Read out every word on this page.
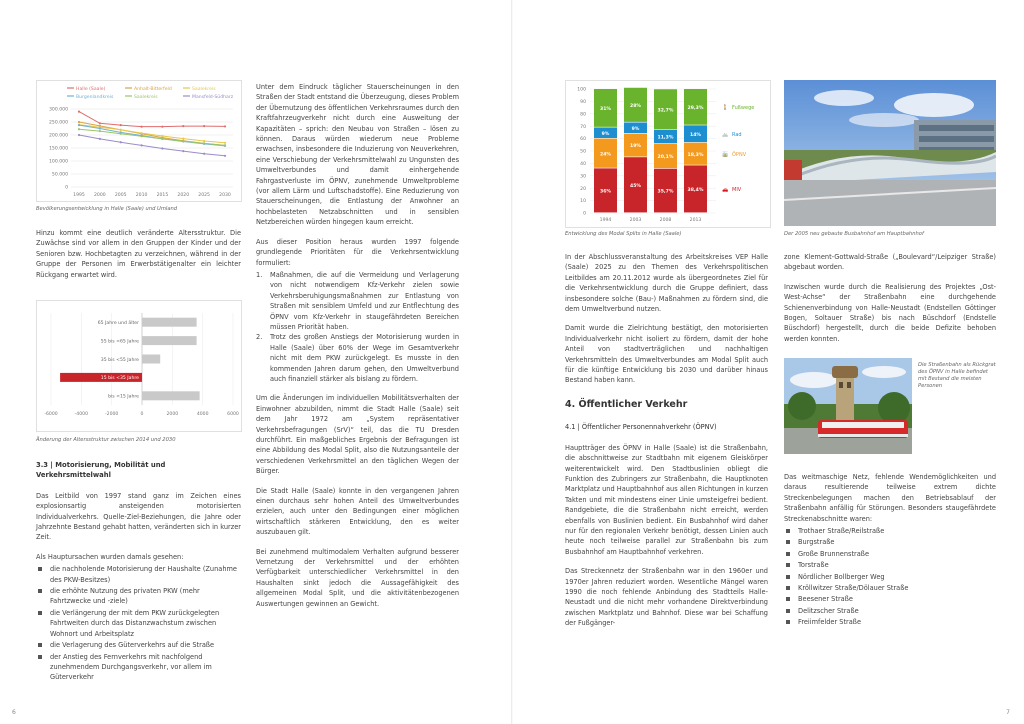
Halle (Saale)	Anhalt-Bitterfeld	Saalekreis
Burgenlandkreis	Saalekreis	Mansfeld-Südharz
300.000
250.000
200.000
150.000
100.000
50.000
0
1995 2000 2005 2010 2015 2020 2025 2030
Bevölkerungsentwicklung in Halle (Saale) und Umland

Hinzu kommt eine deutlich veränderte Altersstruktur. Die Zuwächse sind vor allem in den Gruppen der Kinder und der Senioren bzw. Hochbetagten zu verzeichnen, während in der Gruppe der Personen im Erwerbstätigenalter ein leichter Rückgang erwartet wird.

-6000	-4000	-2000	0	2000	4000	6000
65 Jahre und älter
55 bis <65 Jahre
35 bis <55 Jahre
15 bis <35 Jahre
bis <15 Jahre
Änderung der Altersstruktur zwischen 2014 und 2030
3.3 | Motorisierung, Mobilität und Verkehrsmittelwahl

Das Leitbild von 1997 stand ganz im Zeichen eines explosionsartig ansteigenden motorisierten Individualverkehrs. Quelle-Ziel-Beziehungen, die Jahre oder Jahrzehnte Bestand gehabt hatten, veränderten sich in kurzer Zeit.

Als Hauptursachen wurden damals gesehen:

die nachholende Motorisierung der Haushalte (Zunahme des PKW-Besitzes)
die erhöhte Nutzung des privaten PKW (mehr Fahrtzwecke und -ziele)
die Verlängerung der mit dem PKW zurückgelegten Fahrtweiten durch das Distanzwachstum zwischen Wohnort und Arbeitsplatz
die Verlagerung des Güterverkehrs auf die Straße
der Anstieg des Fernverkehrs mit nachfolgend zunehmendem Durchgangsverkehr, vor allem im Güterverkehr

Unter dem Eindruck täglicher Stauerscheinungen in den Straßen der Stadt entstand die Überzeugung, dieses Problem der Übernutzung des öffentlichen Verkehrsraumes durch den Kraftfahrzeugverkehr nicht durch eine Ausweitung der Kapazitäten – sprich: den Neubau von Straßen – lösen zu können. Daraus würden wiederum neue Probleme erwachsen, insbesondere die Induzierung von Neuverkehren, eine Verschiebung der Verkehrsmittelwahl zu Ungunsten des Umweltverbundes und damit einhergehende Fahrgastverluste im ÖPNV, zunehmende Umweltprobleme (vor allem Lärm und Luftschadstoffe). Eine Reduzierung von Stauerscheinungen, die Entlastung der Anwohner an hochbelasteten Netzabschnitten und in sensiblen Netzbereichen würden hingegen kaum erreicht.

Aus dieser Position heraus wurden 1997 folgende grundlegende Prioritäten für die Verkehrsentwicklung formuliert:

1. Maßnahmen, die auf die Vermeidung und Verlagerung von nicht notwendigem Kfz-Verkehr zielen sowie Verkehrsberuhigungsmaßnahmen zur Entlastung von Straßen mit sensiblem Umfeld und zur Entflechtung des ÖPNV vom Kfz-Verkehr in staugefährdeten Bereichen müssen Priorität haben.
2. Trotz des großen Anstiegs der Motorisierung wurden in Halle (Saale) über 60% der Wege im Gesamtverkehr nicht mit dem PKW zurückgelegt. Es musste in den kommenden Jahren darum gehen, den Umweltverbund auch finanziell stärker als bislang zu fördern.

Um die Änderungen im individuellen Mobilitätsverhalten der Einwohner abzubilden, nimmt die Stadt Halle (Saale) seit dem Jahr 1972 am „System repräsentativer Verkehrsbefragungen (SrV)“ teil, das die TU Dresden durchführt. Ein maßgebliches Ergebnis der Befragungen ist eine Abbildung des Modal Split, also die Nutzungsanteile der verschiedenen Verkehrsmittel an den täglichen Wegen der Bürger.

Die Stadt Halle (Saale) konnte in den vergangenen Jahren einen durchaus sehr hohen Anteil des Umweltverbundes erzielen, auch unter den Bedingungen einer möglichen wirtschaftlich stärkeren Entwicklung, den es weiter auszubauen gilt.

Bei zunehmend multimodalem Verhalten aufgrund besserer Vernetzung der Verkehrsmittel und der erhöhten Verfügbarkeit unterschiedlicher Verkehrsmittel in den Haushalten sinkt jedoch die Aussagefähigkeit des allgemeinen Modal Split, und die aktivitätenbezogenen Auswertungen gewinnen an Gewicht.

6
100
90
80
70
60
50
40
30
20
10
0
36%
24%
9%
31%
1994
45%
19%
9%
28%
2003
35,7%
20,1%
11,3%
32,7%
2008
38,4%
18,3%
14%
29,3%
2013
🚗 MIV
🚋 ÖPNV
🚲 Rad
🚶 Fußwege
Entwicklung des Modal Splits in Halle (Saale)	Der 2005 neu gebaute Busbahnhof am Hauptbahnhof

In der Abschlussveranstaltung des Arbeitskreises VEP Halle (Saale) 2025 zu den Themen des Verkehrspolitischen Leitbildes am 20.11.2012 wurde als übergeordnetes Ziel für die Verkehrsentwicklung durch die Gruppe definiert, dass insbesondere solche (Bau-) Maßnahmen zu fördern sind, die dem Umweltverbund nutzen.

Damit wurde die Zielrichtung bestätigt, den motorisierten Individualverkehr nicht isoliert zu fördern, damit der hohe Anteil von stadtverträglichen und nachhaltigen Verkehrsmitteln des Umweltverbundes am Modal Split auch für die künftige Entwicklung bis 2030 und darüber hinaus Bestand haben kann.

4. Öffentlicher Verkehr
4.1 | Öffentlicher Personennahverkehr (ÖPNV)

Hauptträger des ÖPNV in Halle (Saale) ist die Straßenbahn, die abschnittweise zur Stadtbahn mit eigenem Gleiskörper weiterentwickelt wird. Den Stadtbuslinien obliegt die Funktion des Zubringers zur Straßenbahn, die Hauptknoten Marktplatz und Hauptbahnhof aus allen Richtungen in kurzen Takten und mit mindestens einer Linie umsteigefrei bedient. Randgebiete, die die Straßenbahn nicht erreicht, werden ebenfalls von Buslinien bedient. Ein Busbahnhof wird daher nur für den regionalen Verkehr benötigt, dessen Linien auch heute noch teilweise parallel zur Straßenbahn bis zum Busbahnhof am Hauptbahnhof verkehren.

Das Streckennetz der Straßenbahn war in den 1960er und 1970er Jahren reduziert worden. Wesentliche Mängel waren 1990 die noch fehlende Anbindung des Stadtteils Halle-Neustadt und die nicht mehr vorhandene Direktverbindung zwischen Marktplatz und Bahnhof. Diese war bei Schaffung der Fußgänger-

zone Klement-Gottwald-Straße („Boulevard“/Leipziger Straße) abgebaut worden.

Inzwischen wurde durch die Realisierung des Projektes „Ost-West-Achse“ der Straßenbahn eine durchgehende Schienenverbindung von Halle-Neustadt (Endstellen Göttinger Bogen, Soltauer Straße) bis nach Büschdorf (Endstelle Büschdorf) hergestellt, durch die beide Defizite behoben werden konnten.

Die Straßenbahn als Rückgrat des ÖPNV in Halle befindet mit Bestand die meisten Personen

Das weitmaschige Netz, fehlende Wendemöglichkeiten und daraus resultierende teilweise extrem dichte Streckenbelegungen machen den Betriebsablauf der Straßenbahn anfällig für Störungen. Besonders staugefährdete Streckenabschnitte waren:

Trothaer Straße/Reilstraße
Burgstraße
Große Brunnenstraße
Torstraße
Nördlicher Bollberger Weg
Kröllwitzer Straße/Dölauer Straße
Beesener Straße
Delitzscher Straße
Freiimfelder Straße
7
